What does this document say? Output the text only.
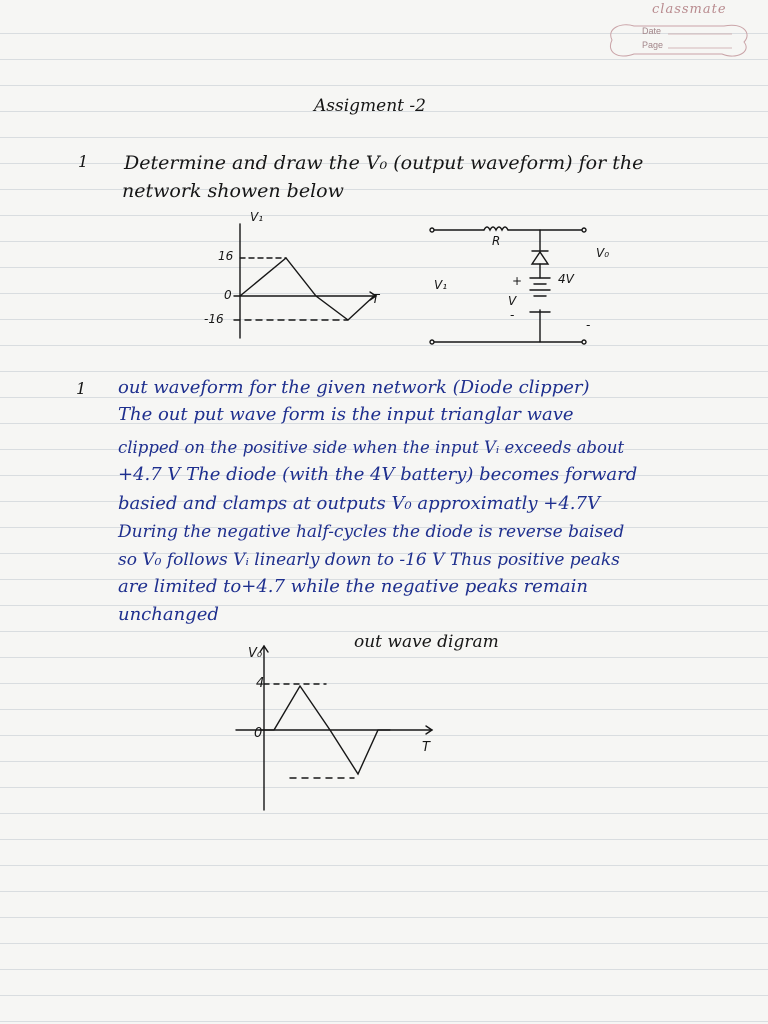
classmate
Date
Page
Assigment -2
1 Determine and draw the V₀ (output waveform) for the
network showen below
V₁
T
0
16
-16
R
4V
V₁
V₀
V
+
-
-
1 out waveform for the given network (Diode clipper)
The out put wave form is the input trianglar wave
clipped on the positive side when the input Vᵢ exceeds about
+4.7 V The diode (with the 4V battery) becomes forward
basied and clamps at outputs V₀ approximatly +4.7V
During the negative half-cycles the diode is reverse baised
so V₀ follows Vᵢ linearly down to -16 V Thus positive peaks
are limited to+4.7 while the negative peaks remain
unchanged
out wave digram
V₀
T
0
4
